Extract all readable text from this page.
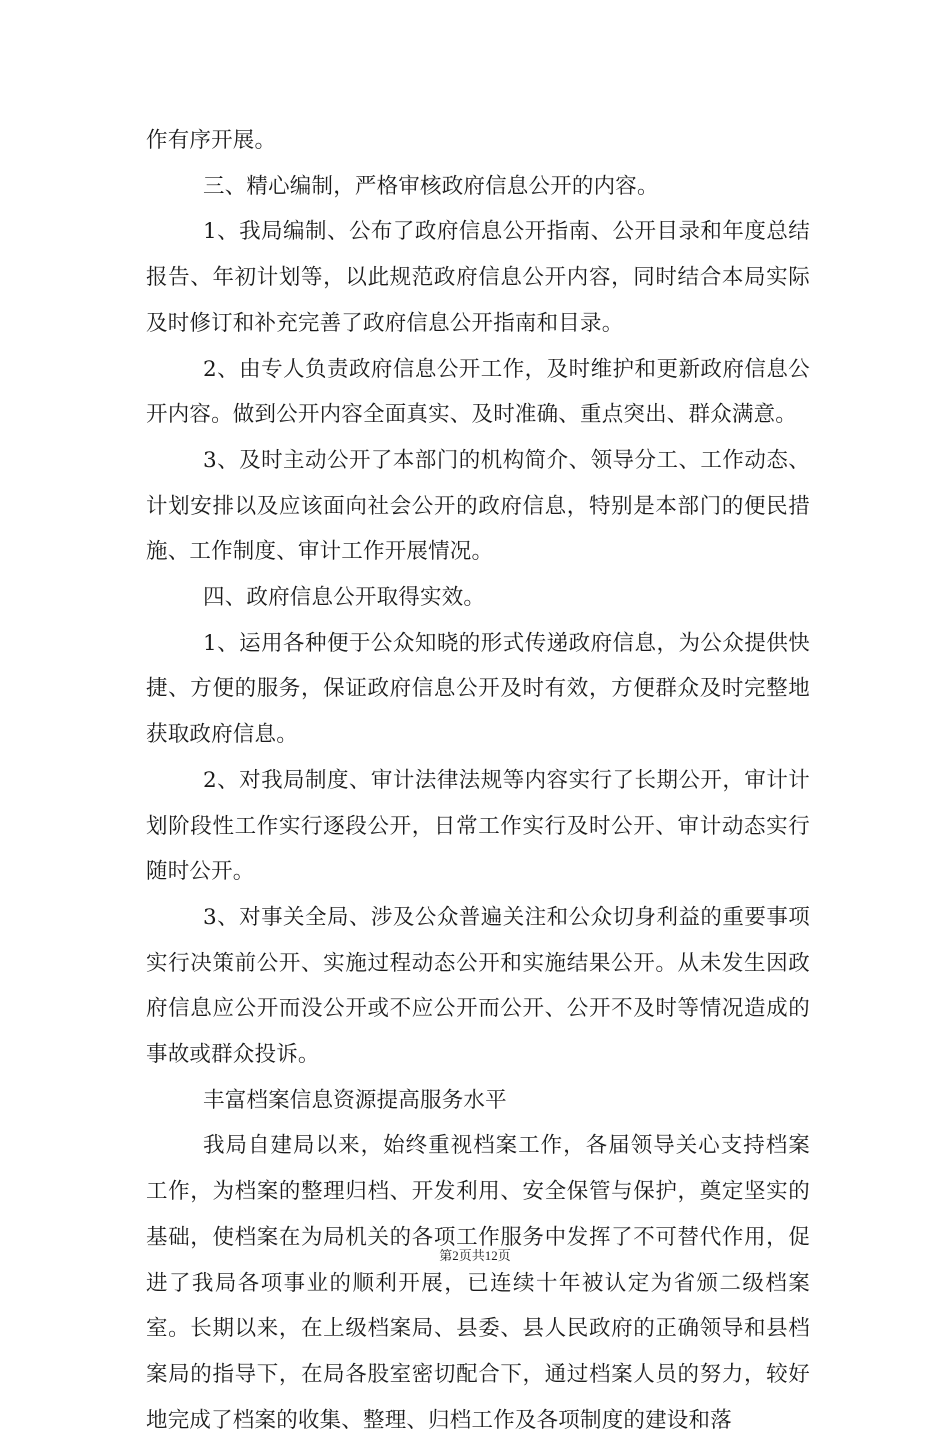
作有序开展。

三、精心编制，严格审核政府信息公开的内容。

1、我局编制、公布了政府信息公开指南、公开目录和年度总结报告、年初计划等，以此规范政府信息公开内容，同时结合本局实际及时修订和补充完善了政府信息公开指南和目录。

2、由专人负责政府信息公开工作，及时维护和更新政府信息公开内容。做到公开内容全面真实、及时准确、重点突出、群众满意。

3、及时主动公开了本部门的机构简介、领导分工、工作动态、计划安排以及应该面向社会公开的政府信息，特别是本部门的便民措施、工作制度、审计工作开展情况。

四、政府信息公开取得实效。

1、运用各种便于公众知晓的形式传递政府信息，为公众提供快捷、方便的服务，保证政府信息公开及时有效，方便群众及时完整地获取政府信息。

2、对我局制度、审计法律法规等内容实行了长期公开，审计计划阶段性工作实行逐段公开，日常工作实行及时公开、审计动态实行随时公开。

3、对事关全局、涉及公众普遍关注和公众切身利益的重要事项实行决策前公开、实施过程动态公开和实施结果公开。从未发生因政府信息应公开而没公开或不应公开而公开、公开不及时等情况造成的事故或群众投诉。

丰富档案信息资源提高服务水平

我局自建局以来，始终重视档案工作，各届领导关心支持档案工作，为档案的整理归档、开发利用、安全保管与保护，奠定坚实的基础，使档案在为局机关的各项工作服务中发挥了不可替代作用，促进了我局各项事业的顺利开展，已连续十年被认定为省颁二级档案室。长期以来，在上级档案局、县委、县人民政府的正确领导和县档案局的指导下，在局各股室密切配合下，通过档案人员的努力，较好地完成了档案的收集、整理、归档工作及各项制度的建设和落

第2页共12页
